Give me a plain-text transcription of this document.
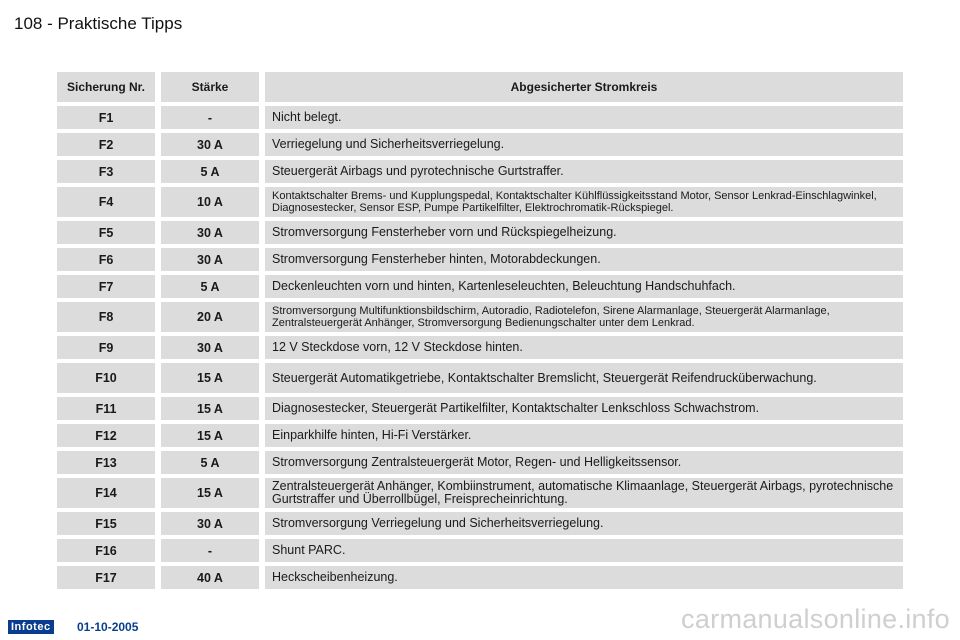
108 - Praktische Tipps
Sicherung Nr.		Stärke		Abgesicherter Stromkreis
F1		-		Nicht belegt.
F2		30 A		Verriegelung und Sicherheitsverriegelung.
F3		5 A		Steuergerät Airbags und pyrotechnische Gurtstraffer.
F4		10 A		Kontaktschalter Brems- und Kupplungspedal, Kontaktschalter Kühlflüssigkeitsstand Motor, Sensor Lenkrad-Einschlagwinkel, Diagnosestecker, Sensor ESP, Pumpe Partikelfilter, Elektrochromatik-Rückspiegel.
F5		30 A		Stromversorgung Fensterheber vorn und Rückspiegelheizung.
F6		30 A		Stromversorgung Fensterheber hinten, Motorabdeckungen.
F7		5 A		Deckenleuchten vorn und hinten, Kartenleseleuchten, Beleuchtung Handschuhfach.
F8		20 A		Stromversorgung Multifunktionsbildschirm, Autoradio, Radiotelefon, Sirene Alarmanlage, Steuergerät Alarmanlage, Zentralsteuergerät Anhänger, Stromversorgung Bedienungschalter unter dem Lenkrad.
F9		30 A		12 V Steckdose vorn, 12 V Steckdose hinten.
F10		15 A		Steuergerät Automatikgetriebe, Kontaktschalter Bremslicht, Steuergerät Reifendrucküberwachung.
F11		15 A		Diagnosestecker, Steuergerät Partikelfilter, Kontaktschalter Lenkschloss Schwachstrom.
F12		15 A		Einparkhilfe hinten, Hi-Fi Verstärker.
F13		5 A		Stromversorgung Zentralsteuergerät Motor, Regen- und Helligkeitssensor.
F14		15 A		Zentralsteuergerät Anhänger, Kombiinstrument, automatische Klimaanlage, Steuergerät Airbags, pyrotechnische Gurtstraffer und Überrollbügel, Freisprecheinrichtung.
F15		30 A		Stromversorgung Verriegelung und Sicherheitsverriegelung.
F16		-		Shunt PARC.
F17		40 A		Heckscheibenheizung.
Infotec 01-10-2005	carmanualsonline.info
